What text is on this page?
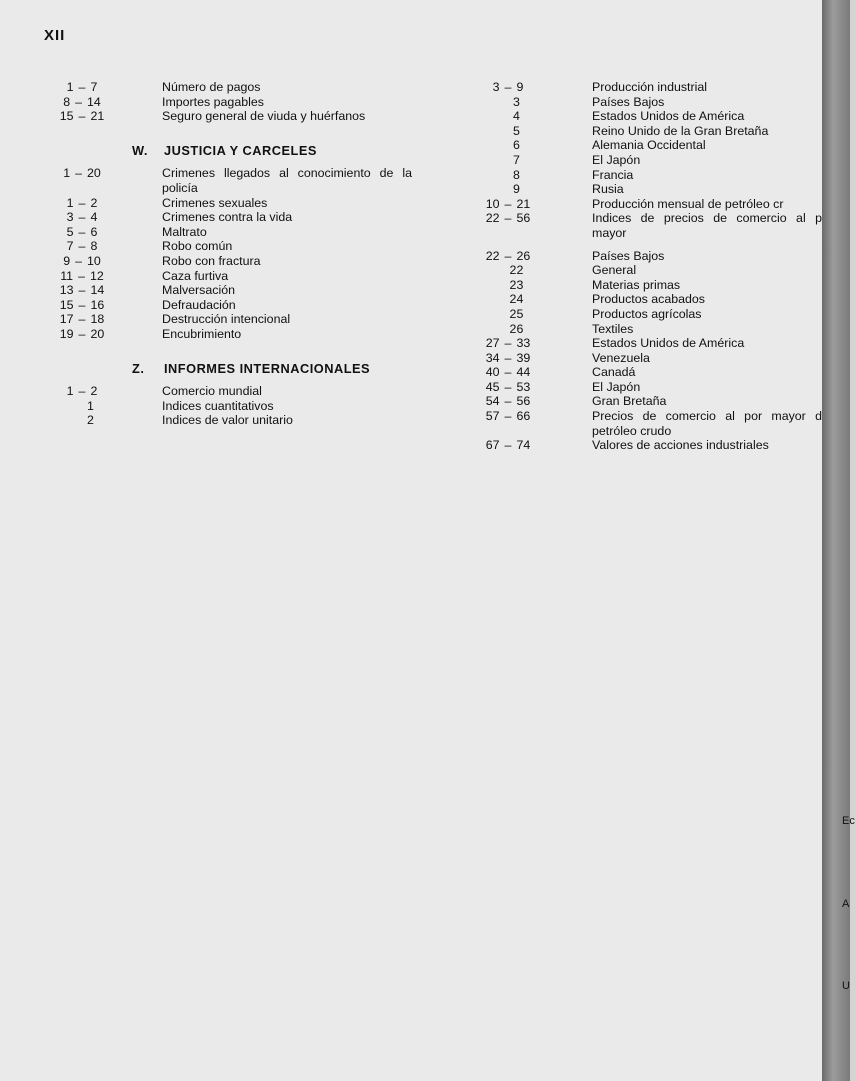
XII
1 – 7	Número de pagos
8 – 14	Importes pagables
15 – 21	Seguro general de viuda y huérfanos
W. JUSTICIA Y CARCELES
1 – 20	Crimenes llegados al conocimiento de la policía
1 – 2	Crimenes sexuales
3 – 4	Crimenes contra la vida
5 – 6	Maltrato
7 – 8	Robo común
9 – 10	Robo con fractura
11 – 12	Caza furtiva
13 – 14	Malversación
15 – 16	Defraudación
17 – 18	Destrucción intencional
19 – 20	Encubrimiento
Z. INFORMES INTERNACIONALES
1 – 2	Comercio mundial
1	Indices cuantitativos
2	Indices de valor unitario
3 – 9	Producción industrial
3	Países Bajos
4	Estados Unidos de América
5	Reino Unido de la Gran Bretaña
6	Alemania Occidental
7	El Japón
8	Francia
9	Rusia
10 – 21	Producción mensual de petróleo cr
22 – 56	Indices de precios de comercio al p mayor
22 – 26	Países Bajos
22	General
23	Materias primas
24	Productos acabados
25	Productos agrícolas
26	Textiles
27 – 33	Estados Unidos de América
34 – 39	Venezuela
40 – 44	Canadá
45 – 53	El Japón
54 – 56	Gran Bretaña
57 – 66	Precios de comercio al por mayor d petróleo crudo
67 – 74	Valores de acciones industriales
Ec
A
U
